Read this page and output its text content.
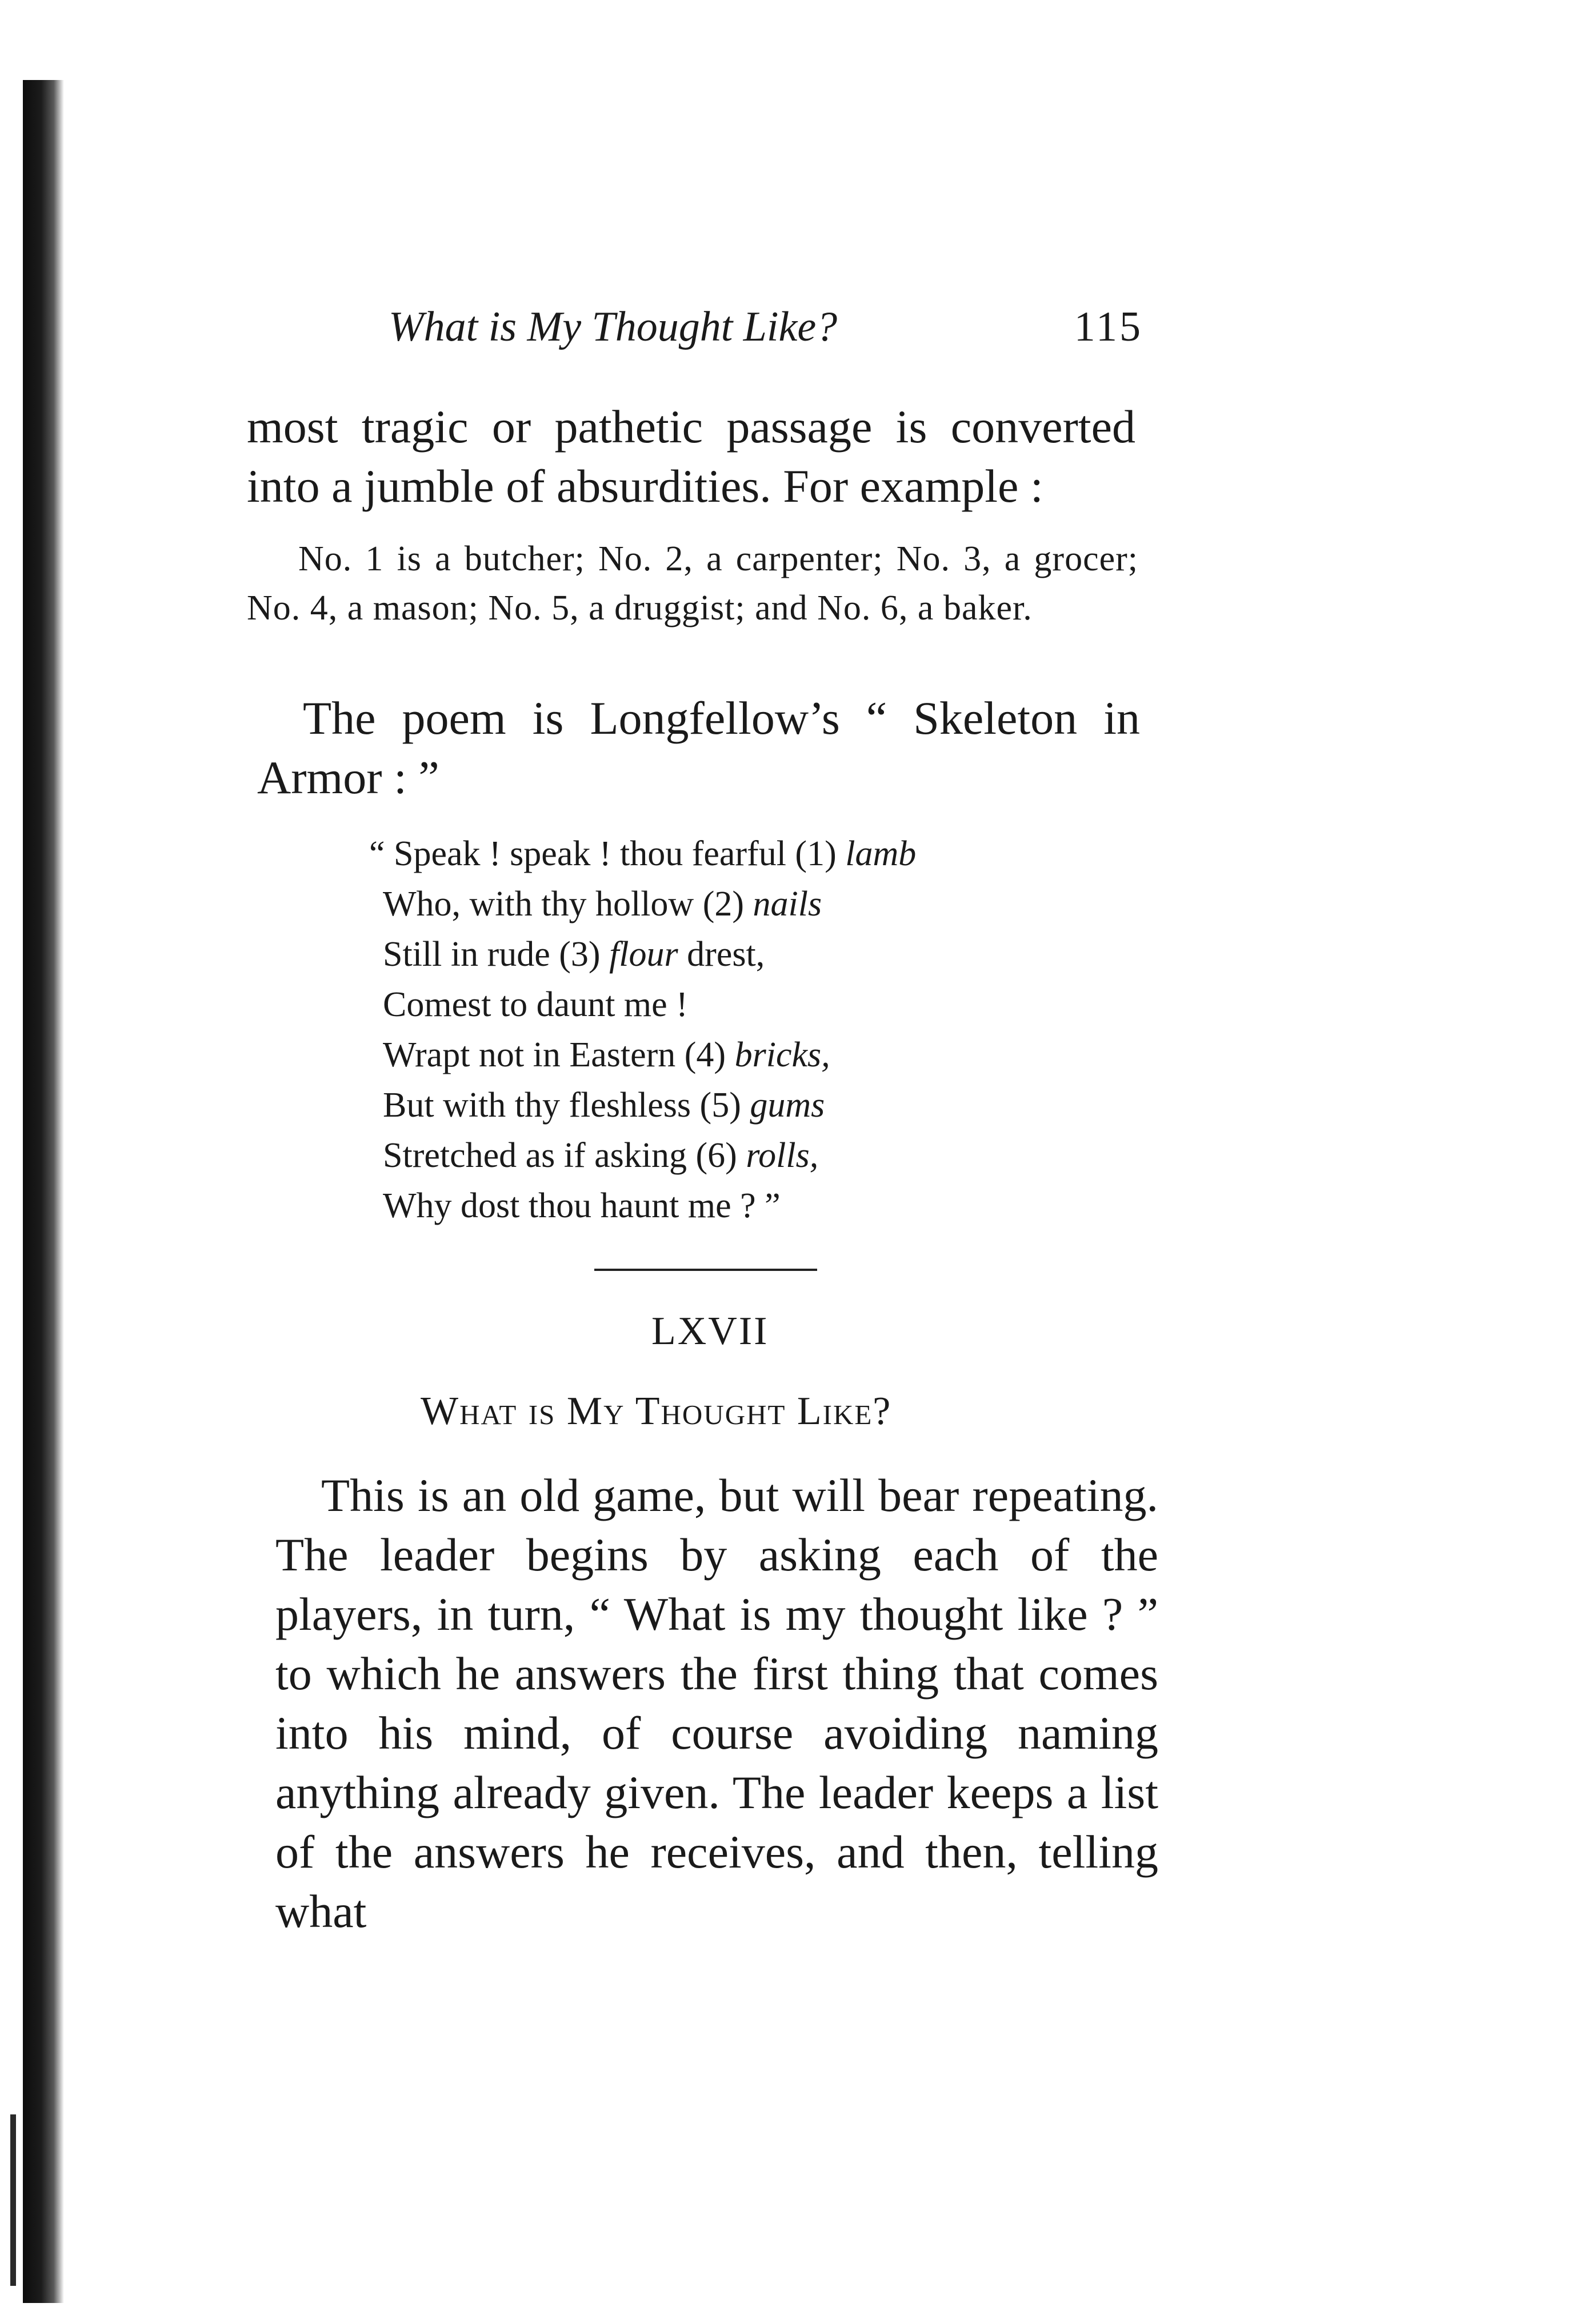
What is My Thought Like?	115

most tragic or pathetic passage is converted into a jumble of absurdities. For example :

No. 1 is a butcher; No. 2, a carpenter; No. 3, a grocer; No. 4, a mason; No. 5, a druggist; and No. 6, a baker.

The poem is Longfellow’s “ Skeleton in Armor : ”

“ Speak ! speak ! thou fearful (1) lamb
Who, with thy hollow (2) nails
Still in rude (3) flour drest,
Comest to daunt me !
Wrapt not in Eastern (4) bricks,
But with thy fleshless (5) gums
Stretched as if asking (6) rolls,
Why dost thou haunt me ? ”
LXVII
What is My Thought Like?

This is an old game, but will bear repeating. The leader begins by asking each of the players, in turn, “ What is my thought like ? ” to which he answers the first thing that comes into his mind, of course avoiding naming anything already given. The leader keeps a list of the answers he receives, and then, telling what
